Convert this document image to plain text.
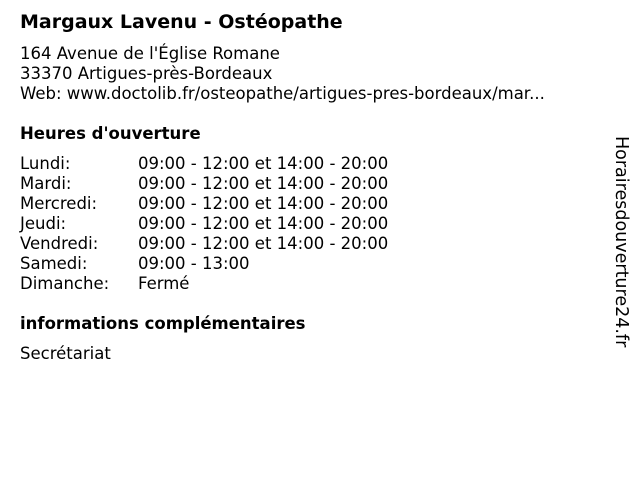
Margaux Lavenu - Ostéopathe
164 Avenue de l'Église Romane
33370 Artigues-près-Bordeaux
Web: www.doctolib.fr/osteopathe/artigues-pres-bordeaux/mar...
Heures d'ouverture
Lundi:	09:00 - 12:00 et 14:00 - 20:00
Mardi:	09:00 - 12:00 et 14:00 - 20:00
Mercredi: 09:00 - 12:00 et 14:00 - 20:00
Jeudi:	09:00 - 12:00 et 14:00 - 20:00
Vendredi: 09:00 - 12:00 et 14:00 - 20:00
Samedi:	09:00 - 13:00
Dimanche: Fermé
informations complémentaires
Secrétariat
Horairesdouverture24.fr
